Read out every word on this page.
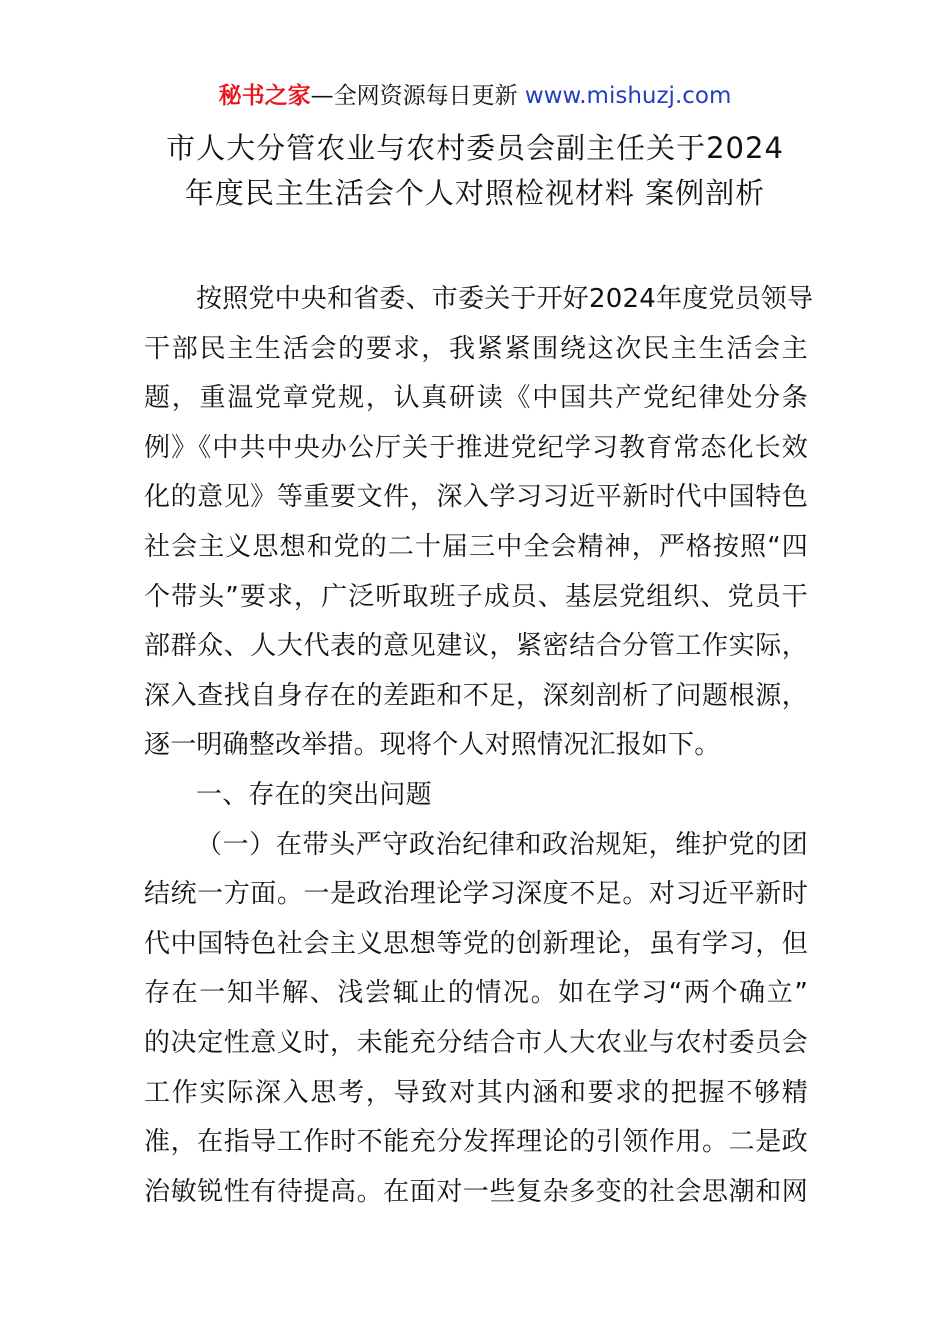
秘书之家—全网资源每日更新 www.mishuzj.com
市人大分管农业与农村委员会副主任关于2024
年度民主生活会个人对照检视材料 案例剖析
按照党中央和省委、市委关于开好2024年度党员领导
干部民主生活会的要求，我紧紧围绕这次民主生活会主
题，重温党章党规，认真研读《中国共产党纪律处分条
例》《中共中央办公厅关于推进党纪学习教育常态化长效
化的意见》等重要文件，深入学习习近平新时代中国特色
社会主义思想和党的二十届三中全会精神，严格按照“四
个带头”要求，广泛听取班子成员、基层党组织、党员干
部群众、人大代表的意见建议，紧密结合分管工作实际，
深入查找自身存在的差距和不足，深刻剖析了问题根源，
逐一明确整改举措。现将个人对照情况汇报如下。
一、存在的突出问题
（一）在带头严守政治纪律和政治规矩，维护党的团
结统一方面。一是政治理论学习深度不足。对习近平新时
代中国特色社会主义思想等党的创新理论，虽有学习，但
存在一知半解、浅尝辄止的情况。如在学习“两个确立”
的决定性意义时，未能充分结合市人大农业与农村委员会
工作实际深入思考，导致对其内涵和要求的把握不够精
准，在指导工作时不能充分发挥理论的引领作用。二是政
治敏锐性有待提高。在面对一些复杂多变的社会思潮和网
